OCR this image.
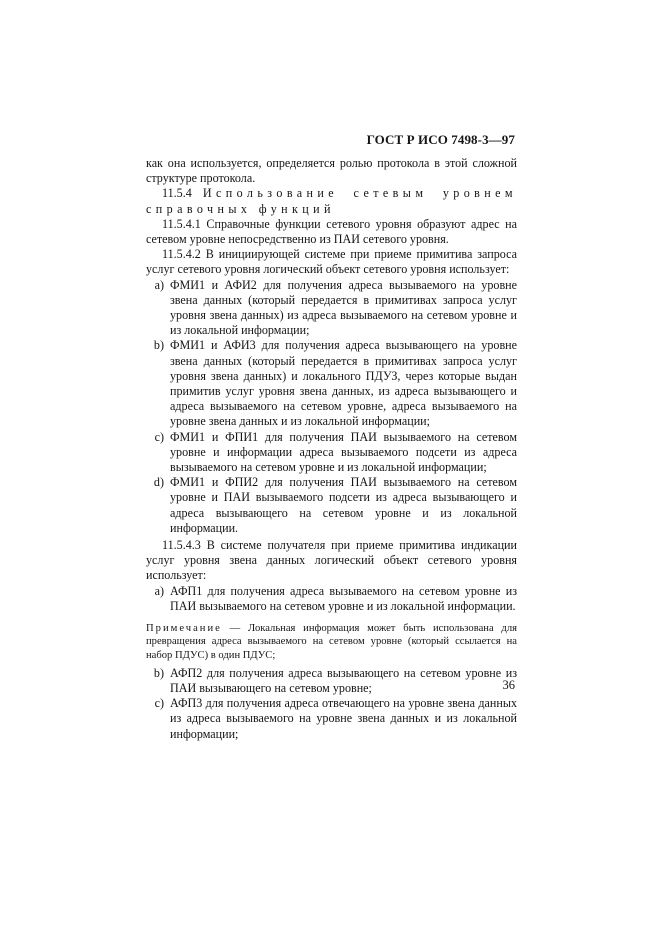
ГОСТ Р ИСО 7498-3—97

как она используется, определяется ролью протокола в этой сложной структуре протокола.

11.5.4 Использование сетевым уровнем справочных функций

11.5.4.1 Справочные функции сетевого уровня образуют адрес на сетевом уровне непосредственно из ПАИ сетевого уровня.

11.5.4.2 В инициирующей системе при приеме примитива запроса услуг сетевого уровня логический объект сетевого уровня использует:

a) ФМИ1 и АФИ2 для получения адреса вызываемого на уровне звена данных (который передается в примитивах запроса услуг уровня звена данных) из адреса вызываемого на сетевом уровне и из локальной информации;
b) ФМИ1 и АФИ3 для получения адреса вызывающего на уровне звена данных (который передается в примитивах запроса услуг уровня звена данных) и локального ПДУЗ, через которые выдан примитив услуг уровня звена данных, из адреса вызывающего и адреса вызываемого на сетевом уровне, адреса вызываемого на уровне звена данных и из локальной информации;
c) ФМИ1 и ФПИ1 для получения ПАИ вызываемого на сетевом уровне и информации адреса вызываемого подсети из адреса вызываемого на сетевом уровне и из локальной информации;
d) ФМИ1 и ФПИ2 для получения ПАИ вызываемого на сетевом уровне и ПАИ вызываемого подсети из адреса вызывающего и адреса вызывающего на сетевом уровне и из локальной информации.

11.5.4.3 В системе получателя при приеме примитива индикации услуг уровня звена данных логический объект сетевого уровня использует:

a) АФП1 для получения адреса вызываемого на сетевом уровне из ПАИ вызываемого на сетевом уровне и из локальной информации.

Примечание — Локальная информация может быть использована для превращения адреса вызываемого на сетевом уровне (который ссылается на набор ПДУС) в один ПДУС;

b) АФП2 для получения адреса вызывающего на сетевом уровне из ПАИ вызывающего на сетевом уровне;
c) АФП3 для получения адреса отвечающего на уровне звена данных из адреса вызываемого на уровне звена данных и из локальной информации;
36
